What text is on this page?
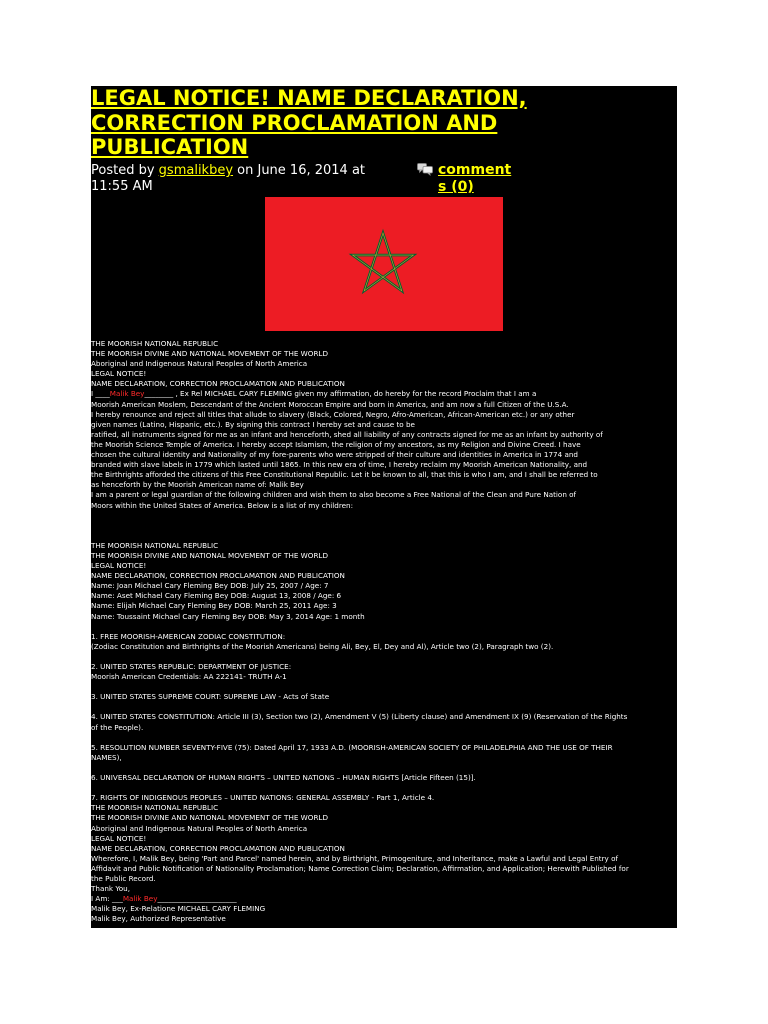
LEGAL NOTICE! NAME DECLARATION, CORRECTION PROCLAMATION AND PUBLICATION
Posted by gsmalikbey on June 16, 2014 at 11:55 AM
comments (0)
THE MOORISH NATIONAL REPUBLIC
THE MOORISH DIVINE AND NATIONAL MOVEMENT OF THE WORLD
Aboriginal and Indigenous Natural Peoples of North America
LEGAL NOTICE!
NAME DECLARATION, CORRECTION PROCLAMATION AND PUBLICATION
I ____Malik Bey________ , Ex Rel MICHAEL CARY FLEMING given my affirmation, do hereby for the record Proclaim that I am a
Moorish American Moslem, Descendant of the Ancient Moroccan Empire and born in America, and am now a full Citizen of the U.S.A.
I hereby renounce and reject all titles that allude to slavery (Black, Colored, Negro, Afro-American, African-American etc.) or any other
given names (Latino, Hispanic, etc.). By signing this contract I hereby set and cause to be
ratified, all instruments signed for me as an infant and henceforth, shed all liability of any contracts signed for me as an infant by authority of
the Moorish Science Temple of America. I hereby accept Islamism, the religion of my ancestors, as my Religion and Divine Creed. I have
chosen the cultural identity and Nationality of my fore-parents who were stripped of their culture and identities in America in 1774 and
branded with slave labels in 1779 which lasted until 1865. In this new era of time, I hereby reclaim my Moorish American Nationality, and
the Birthrights afforded the citizens of this Free Constitutional Republic. Let it be known to all, that this is who I am, and I shall be referred to
as henceforth by the Moorish American name of: Malik Bey
I am a parent or legal guardian of the following children and wish them to also become a Free National of the Clean and Pure Nation of
Moors within the United States of America. Below is a list of my children:
THE MOORISH NATIONAL REPUBLIC
THE MOORISH DIVINE AND NATIONAL MOVEMENT OF THE WORLD
LEGAL NOTICE!
NAME DECLARATION, CORRECTION PROCLAMATION AND PUBLICATION
Name: Joan Michael Cary Fleming Bey DOB: July 25, 2007 / Age: 7
Name: Aset Michael Cary Fleming Bey DOB: August 13, 2008 / Age: 6
Name: Elijah Michael Cary Fleming Bey DOB: March 25, 2011 Age: 3
Name: Toussaint Michael Cary Fleming Bey DOB: May 3, 2014 Age: 1 month
1. FREE MOORISH-AMERICAN ZODIAC CONSTITUTION:
(Zodiac Constitution and Birthrights of the Moorish Americans) being Ali, Bey, El, Dey and Al), Article two (2), Paragraph two (2).
2. UNITED STATES REPUBLIC: DEPARTMENT OF JUSTICE:
Moorish American Credentials: AA 222141- TRUTH A-1
3. UNITED STATES SUPREME COURT: SUPREME LAW - Acts of State
4. UNITED STATES CONSTITUTION: Article III (3), Section two (2), Amendment V (5) (Liberty clause) and Amendment IX (9) (Reservation of the Rights
of the People).
5. RESOLUTION NUMBER SEVENTY-FIVE (75): Dated April 17, 1933 A.D. (MOORISH-AMERICAN SOCIETY OF PHILADELPHIA AND THE USE OF THEIR
NAMES),
6. UNIVERSAL DECLARATION OF HUMAN RIGHTS – UNITED NATIONS – HUMAN RIGHTS [Article Fifteen (15)].
7. RIGHTS OF INDIGENOUS PEOPLES – UNITED NATIONS: GENERAL ASSEMBLY - Part 1, Article 4.
THE MOORISH NATIONAL REPUBLIC
THE MOORISH DIVINE AND NATIONAL MOVEMENT OF THE WORLD
Aboriginal and Indigenous Natural Peoples of North America
LEGAL NOTICE!
NAME DECLARATION, CORRECTION PROCLAMATION AND PUBLICATION
Wherefore, I, Malik Bey, being 'Part and Parcel' named herein, and by Birthright, Primogeniture, and Inheritance, make a Lawful and Legal Entry of
Affidavit and Public Notification of Nationality Proclamation; Name Correction Claim; Declaration, Affirmation, and Application; Herewith Published for
the Public Record.
Thank You,
I Am: ___Malik Bey______________________
Malik Bey, Ex-Relatione MICHAEL CARY FLEMING
Malik Bey, Authorized Representative
